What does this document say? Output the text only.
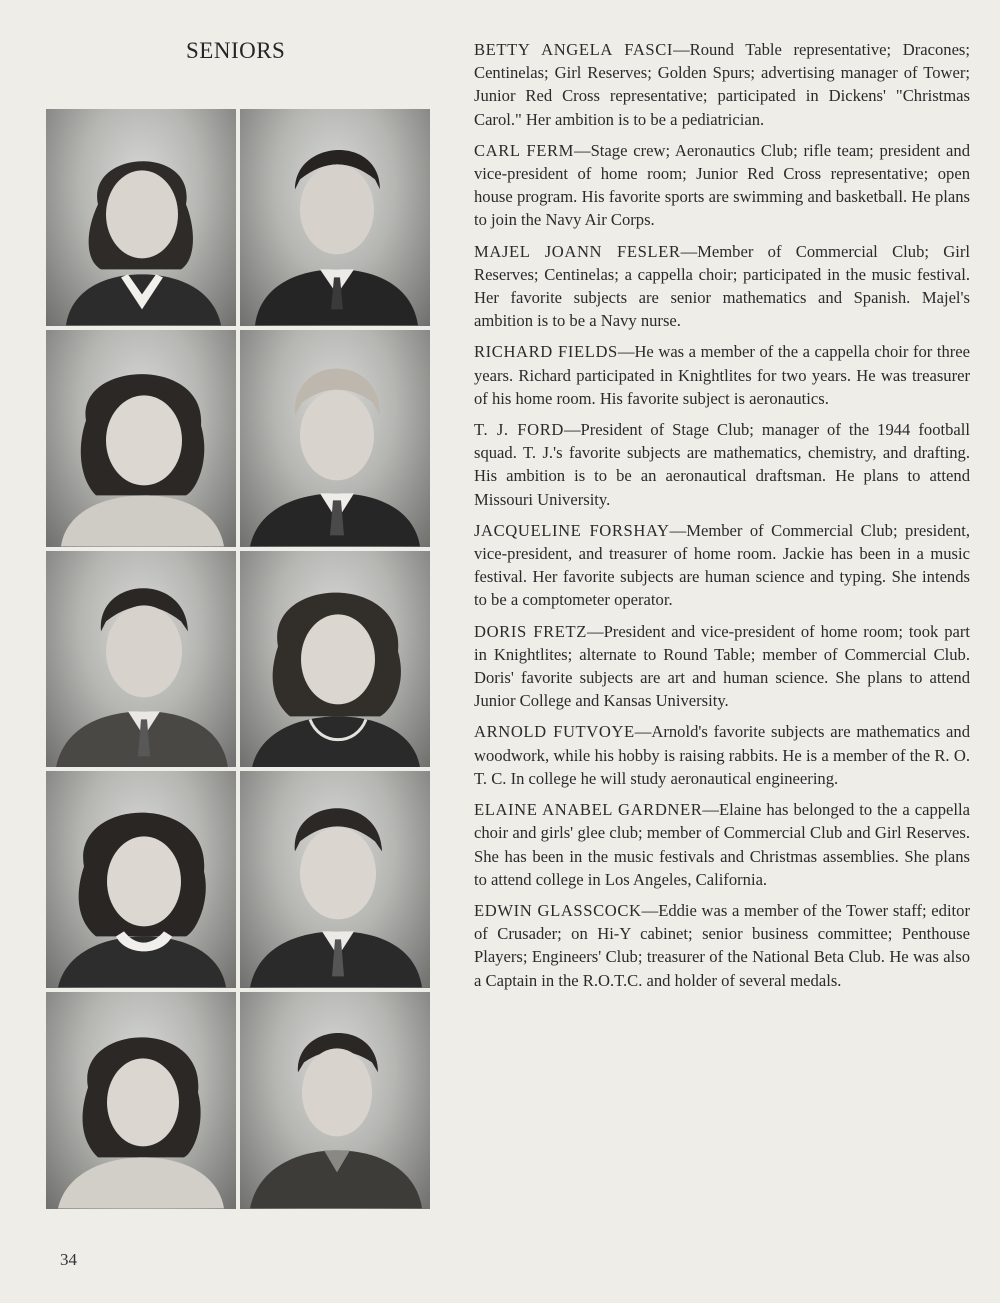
SENIORS	BETTY ANGELA FASCI—Round Table representative; Dracones; Centinelas; Girl Reserves; Golden Spurs; advertising manager of Tower; Junior Red Cross representative; participated in Dickens' "Christmas Carol." Her ambition is to be a pediatrician.

CARL FERM—Stage crew; Aeronautics Club; rifle team; president and vice-president of home room; Junior Red Cross representative; open house program. His favorite sports are swimming and basketball. He plans to join the Navy Air Corps.

MAJEL JOANN FESLER—Member of Commercial Club; Girl Reserves; Centinelas; a cappella choir; participated in the music festival. Her favorite subjects are senior mathematics and Spanish. Majel's ambition is to be a Navy nurse.

RICHARD FIELDS—He was a member of the a cappella choir for three years. Richard participated in Knightlites for two years. He was treasurer of his home room. His favorite subject is aeronautics.

T. J. FORD—President of Stage Club; manager of the 1944 football squad. T. J.'s favorite subjects are mathematics, chemistry, and drafting. His ambition is to be an aeronautical draftsman. He plans to attend Missouri University.

JACQUELINE FORSHAY—Member of Commercial Club; president, vice-president, and treasurer of home room. Jackie has been in a music festival. Her favorite subjects are human science and typing. She intends to be a comptometer operator.

DORIS FRETZ—President and vice-president of home room; took part in Knightlites; alternate to Round Table; member of Commercial Club. Doris' favorite subjects are art and human science. She plans to attend Junior College and Kansas University.

ARNOLD FUTVOYE—Arnold's favorite subjects are mathematics and woodwork, while his hobby is raising rabbits. He is a member of the R. O. T. C. In college he will study aeronautical engineering.

ELAINE ANABEL GARDNER—Elaine has belonged to the a cappella choir and girls' glee club; member of Commercial Club and Girl Reserves. She has been in the music festivals and Christmas assemblies. She plans to attend college in Los Angeles, California.

EDWIN GLASSCOCK—Eddie was a member of the Tower staff; editor of Crusader; on Hi-Y cabinet; senior business committee; Penthouse Players; Engineers' Club; treasurer of the National Beta Club. He was also a Captain in the R.O.T.C. and holder of several medals.

34
